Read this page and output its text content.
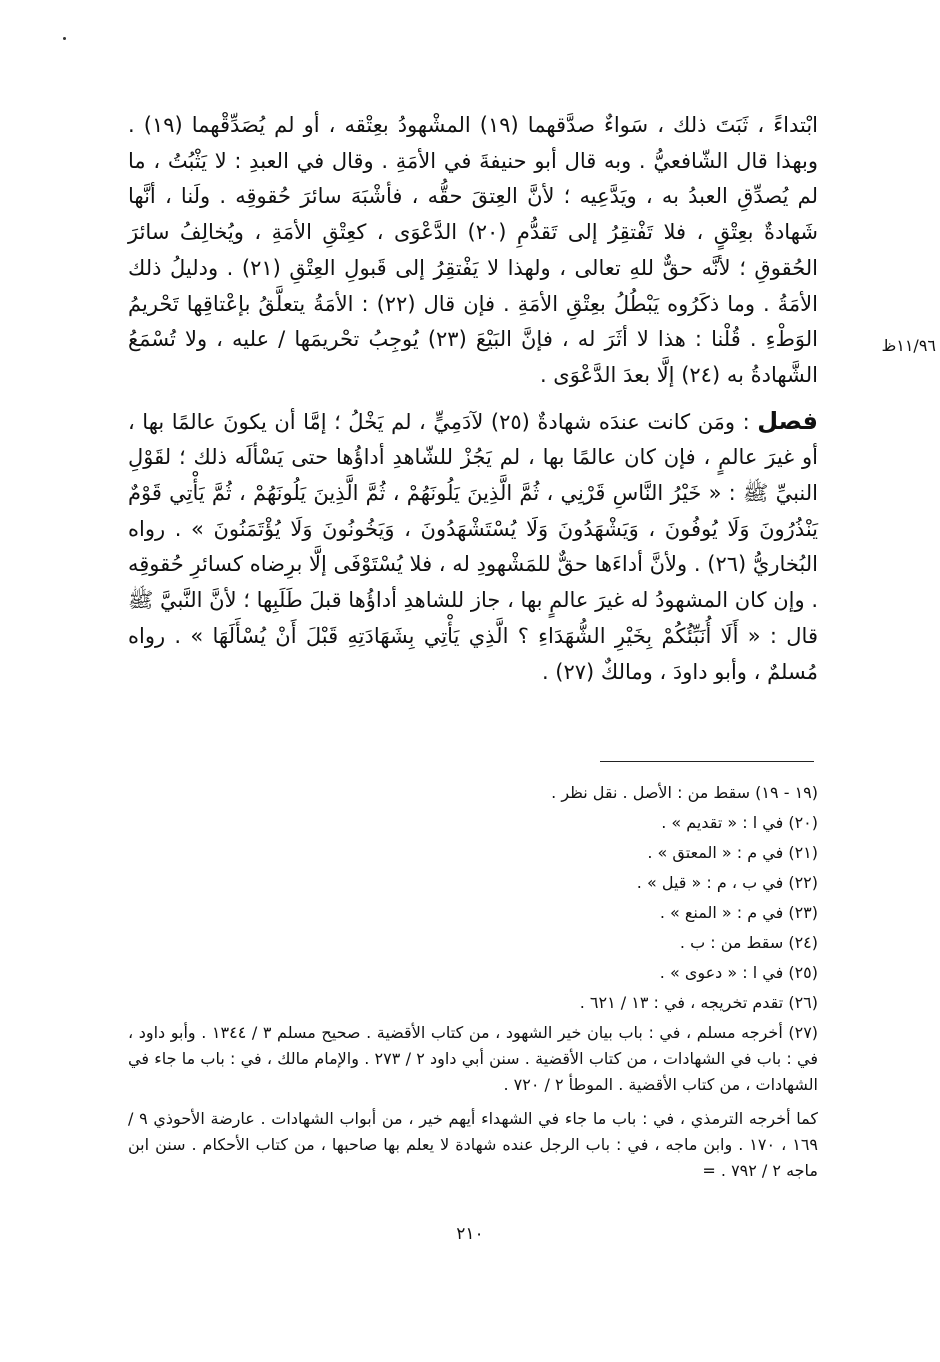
١١/٩٦ظ

ابْتداءً ، ثَبَتَ ذلك ، سَواءٌ صدَّقهما (١٩) المشْهودُ بعِتْقه ، أو لم يُصَدِّقْهما (١٩) . وبهذا قال الشّافعيُّ . وبه قال أبو حنيفةَ في الأمَةِ . وقال في العبدِ : لا يَثْبُتُ ، ما لم يُصدِّقِ العبدُ به ، ويَدَّعِيه ؛ لأنَّ العِتقَ حقُّه ، فأشْبَهَ سائرَ حُقوقِه . ولَنا ، أنَّها شَهادةٌ بعِتْقٍ ، فلا تَفْتقِرُ إلى تَقدُّمِ (٢٠) الدَّعْوَى ، كعِتْقِ الأمَةِ ، ويُخالِفُ سائرَ الحُقوقِ ؛ لأنَّه حقٌّ للهِ تعالى ، ولهذا لا يَفْتقِرُ إلى قَبولِ العِتْقِ (٢١) . ودليلُ ذلك الأمَةُ . وما ذكَرُوه يَبْطُلُ بعِتْقِ الأمَةِ . فإن قال (٢٢) : الأمَةُ يتعلَّقُ بإعْتاقِها تَحْريمُ الوَطْءِ . قُلْنا : هذا لا أثَرَ له ، فإنَّ البَيْعَ (٢٣) يُوجِبُ تحْريمَها / عليه ، ولا تُسْمَعُ الشَّهادةُ به (٢٤) إلَّا بعدَ الدَّعْوَى .

فصل : ومَن كانت عندَه شهادةٌ (٢٥) لآدَمِيٍّ ، لم يَخْلُ ؛ إمَّا أن يكونَ عالمًا بها ، أو غيرَ عالمٍ ، فإن كان عالمًا بها ، لم يَجُزْ للشّاهدِ أداؤُها حتى يَسْألَه ذلك ؛ لقَوْلِ النبيِّ ﷺ : « خَيْرُ النَّاسِ قَرْنِي ، ثُمَّ الَّذِينَ يَلُونَهُمْ ، ثُمَّ الَّذِينَ يَلُونَهُمْ ، ثُمَّ يَأْتِي قَوْمٌ يَنْذُرُونَ وَلَا يُوفُونَ ، وَيَشْهَدُونَ وَلَا يُسْتَشْهَدُونَ ، وَيَخُونُونَ وَلَا يُؤْتَمَنُونَ » . رواه البُخاريُّ (٢٦) . ولأنَّ أداءَها حقٌّ للمَشْهودِ له ، فلا يُسْتَوْفَى إلَّا برِضاه كسائرِ حُقوقِه . وإن كان المشهودُ له غيرَ عالمٍ بها ، جاز للشاهدِ أداؤُها قبلَ طَلَبِها ؛ لأنَّ النَّبيَّ ﷺ قال : « أَلَا أُنَبِّئُكُمْ بِخَيْرِ الشُّهَدَاءِ ؟ الَّذِي يَأْتِي بِشَهَادَتِهِ قَبْلَ أَنْ يُسْأَلَهَا » . رواه مُسلمٌ ، وأبو داودَ ، ومالكٌ (٢٧) .

(١٩ - ١٩) سقط من : الأصل . نقل نظر .

(٢٠) في ا : « تقديم » .

(٢١) في م : « المعتق » .

(٢٢) في ب ، م : « قيل » .

(٢٣) في م : « المنع » .

(٢٤) سقط من : ب .

(٢٥) في ا : « دعوى » .

(٢٦) تقدم تخريجه ، في : ١٣ / ٦٢١ .

(٢٧) أخرجه مسلم ، في : باب بيان خير الشهود ، من كتاب الأقضية . صحيح مسلم ٣ / ١٣٤٤ . وأبو داود ، في : باب في الشهادات ، من كتاب الأقضية . سنن أبي داود ٢ / ٢٧٣ . والإمام مالك ، في : باب ما جاء في الشهادات ، من كتاب الأقضية . الموطأ ٢ / ٧٢٠ .

كما أخرجه الترمذي ، في : باب ما جاء في الشهداء أيهم خير ، من أبواب الشهادات . عارضة الأحوذي ٩ / ١٦٩ ، ١٧٠ . وابن ماجه ، في : باب الرجل عنده شهادة لا يعلم بها صاحبها ، من كتاب الأحكام . سنن ابن ماجه ٢ / ٧٩٢ . =

٢١٠
